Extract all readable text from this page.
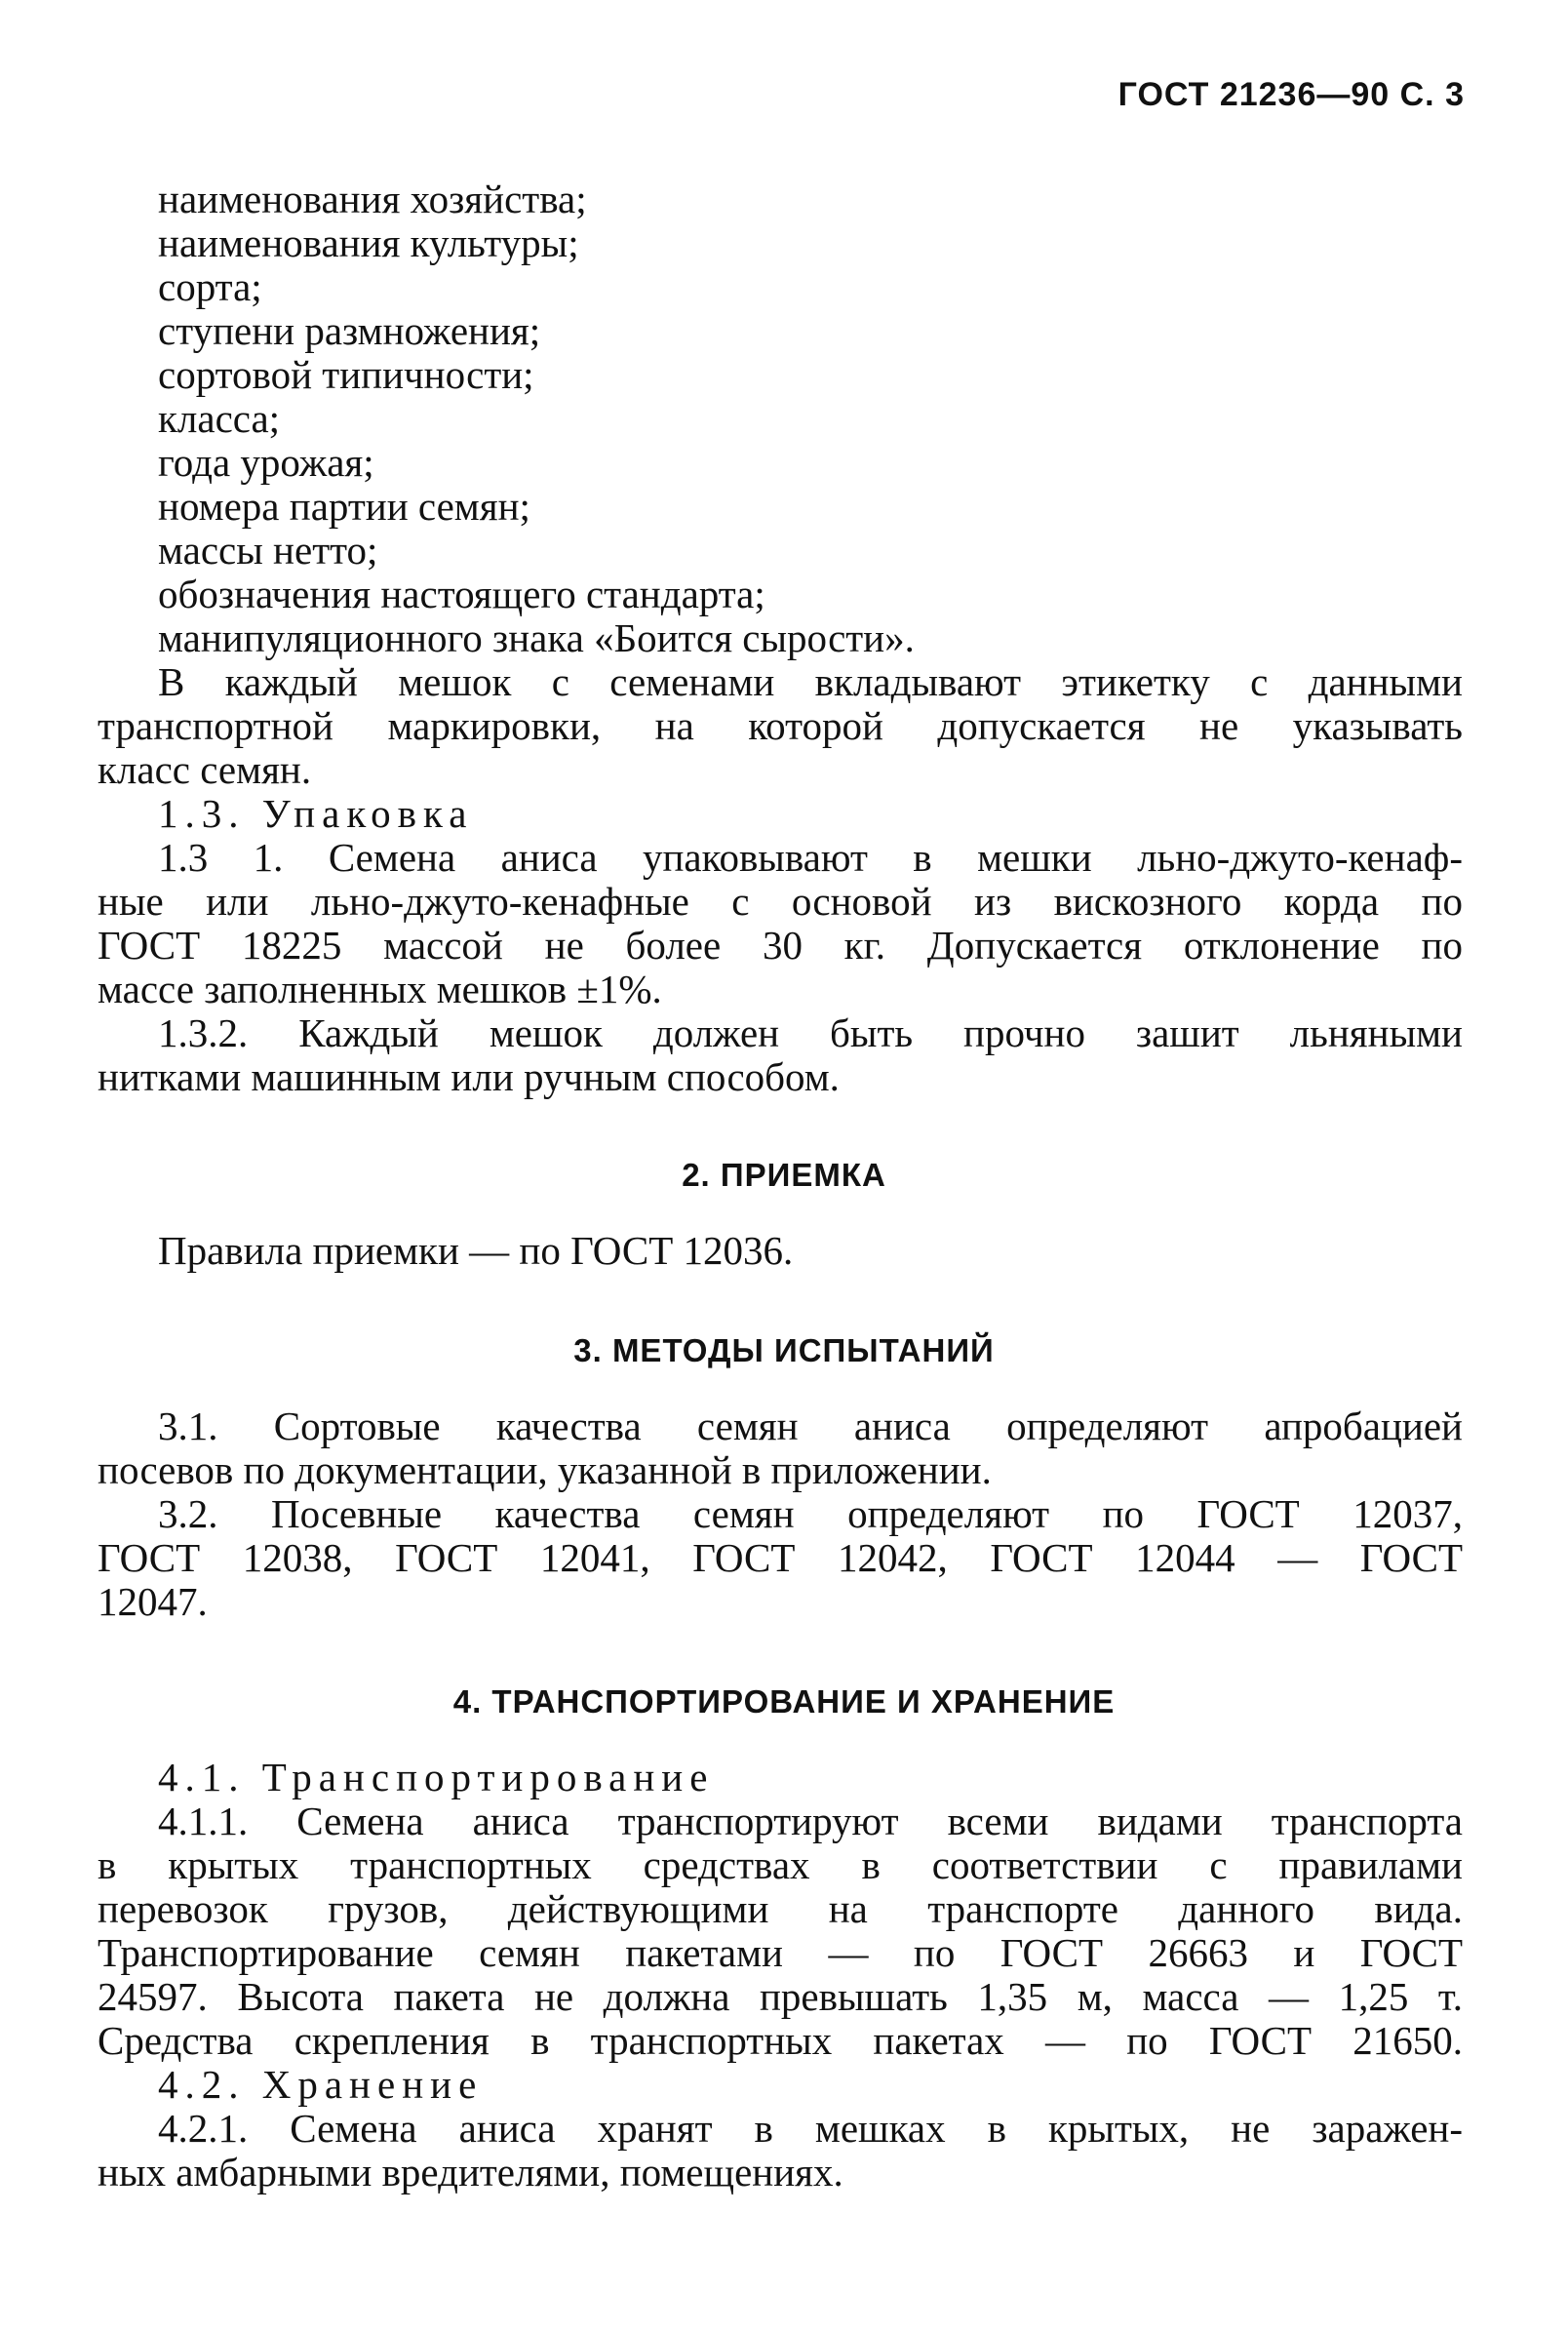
ГОСТ 21236—90 С. 3
наименования хозяйства;
наименования культуры;
сорта;
ступени размножения;
сортовой типичности;
класса;
года урожая;
номера партии семян;
массы нетто;
обозначения настоящего стандарта;
манипуляционного знака «Боится сырости».
В каждый мешок с семенами вкладывают этикетку с данными
транспортной маркировки, на которой допускается не указывать
класс семян.
1.3. Упаковка
1.3 1. Семена аниса упаковывают в мешки льно-джуто-кенаф-
ные или льно-джуто-кенафные с основой из вискозного корда по
ГОСТ 18225 массой не более 30 кг. Допускается отклонение по
массе заполненных мешков ±1%.
1.3.2. Каждый мешок должен быть прочно зашит льняными
нитками машинным или ручным способом.
2. ПРИЕМКА
Правила приемки — по ГОСТ 12036.
3. МЕТОДЫ ИСПЫТАНИЙ
3.1. Сортовые качества семян аниса определяют апробацией
посевов по документации, указанной в приложении.
3.2. Посевные качества семян определяют по ГОСТ 12037,
ГОСТ 12038, ГОСТ 12041, ГОСТ 12042, ГОСТ 12044 — ГОСТ
12047.
4. ТРАНСПОРТИРОВАНИЕ И ХРАНЕНИЕ
4.1. Транспортирование
4.1.1. Семена аниса транспортируют всеми видами транспорта
в крытых транспортных средствах в соответствии с правилами
перевозок грузов, действующими на транспорте данного вида.
Транспортирование семян пакетами — по ГОСТ 26663 и ГОСТ
24597. Высота пакета не должна превышать 1,35 м, масса — 1,25 т.
Средства скрепления в транспортных пакетах — по ГОСТ 21650.
4.2. Хранение
4.2.1. Семена аниса хранят в мешках в крытых, не заражен-
ных амбарными вредителями, помещениях.
